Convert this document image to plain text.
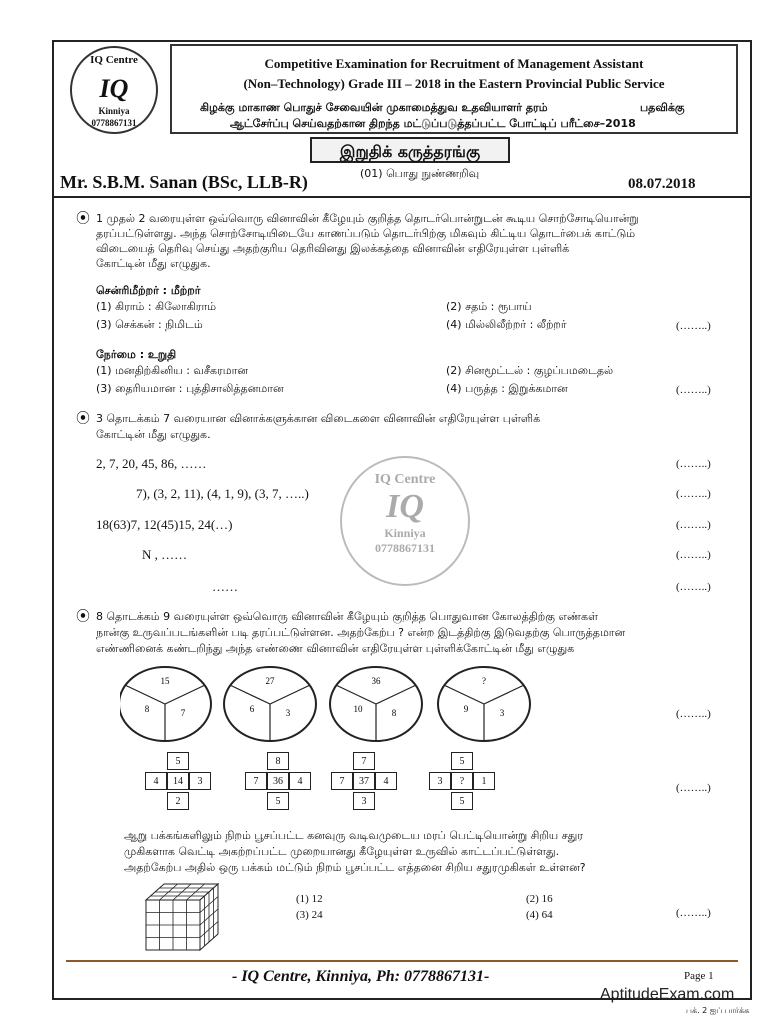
IQ Centre
IQ
Kinniya
0778867131
Competitive Examination for Recruitment of Management Assistant
(Non–Technology) Grade III – 2018 in the Eastern Provincial Public Service
கிழக்கு மாகாண பொதுச் சேவையின் முகாமைத்துவ உதவியாளர் தரம்	பதவிக்கு
ஆட்சேர்ப்பு செய்வதற்கான திறந்த மட்டுப்படுத்தப்பட்ட போட்டிப் பரீட்சை–2018
இறுதிக் கருத்தரங்கு
Mr. S.B.M. Sanan (BSc, LLB-R)	(01) பொது நுண்ணறிவு
08.07.2018
IQ Centre
IQ
Kinniya
0778867131
⦿ 1 முதல் 2 வரையுள்ள ஒவ்வொரு வினாவின் கீழேயும் குறித்த தொடர்பொன்றுடன் கூடிய சொற்சோடியொன்று
தரப்பட்டுள்ளது. அந்த சொற்சோடியிடையே காணப்படும் தொடர்பிற்கு மிகவும் கிட்டிய தொடர்பைக் காட்டும்
விடையைத் தெரிவு செய்து அதற்குரிய தெரிவினது இலக்கத்தை வினாவின் எதிரேயுள்ள புள்ளிக்
கோட்டின் மீது எழுதுக.
சென்ரிமீற்றர் : மீற்றர்
(1) கிராம் : கிலோகிராம்	(2) சதம் : ரூபாய்
(3) செக்கன் : நிமிடம்	(4) மில்லிலீற்றர் : லீற்றர்	(……..)
நேர்மை : உறுதி
(1) மனதிற்கினிய : வசீகரமான	(2) சினமூட்டல் : குழப்பமடைதல்
(3) தைரியமான : புத்திசாலித்தனமான	(4) பருத்த : இறுக்கமான	(……..)
⦿ 3 தொடக்கம் 7 வரையான வினாக்களுக்கான விடைகளை வினாவின் எதிரேயுள்ள புள்ளிக்
கோட்டின் மீது எழுதுக.
2, 7, 20, 45, 86, ……	(……..)
7), (3, 2, 11), (4, 1, 9), (3, 7, …..)	(……..)
18(63)7, 12(45)15, 24(…)	(……..)
N , ……	(……..)
……	(……..)
⦿ 8 தொடக்கம் 9 வரையுள்ள ஒவ்வொரு வினாவின் கீழேயும் குறித்த பொதுவான கோலத்திற்கு எண்கள்
நான்கு உருவப்படங்களின் படி தரப்பட்டுள்ளன. அதற்கேற்ப ? என்ற இடத்திற்கு இடுவதற்கு பொருத்தமான
எண்ணினைக் கண்டறிந்து அந்த எண்ணை வினாவின் எதிரேயுள்ள புள்ளிக்கோட்டின் மீது எழுதுக
15
8	7
27
6	3
36
10	8
?
9	3	(……..)
5
4	14	3
2
8
7	36	4
5
7
7	37	4
3
5
3	?	1
5
(……..)
ஆறு பக்கங்களிலும் நிறம் பூசப்பட்ட கனவுரு வடிவமுடைய மரப் பெட்டியொன்று சிறிய சதுர
முகிகளாக வெட்டி அகற்றப்பட்ட முறையானது கீழேயுள்ள உருவில் காட்டப்பட்டுள்ளது.
அதற்கேற்ப அதில் ஒரு பக்கம் மட்டும் நிறம் பூசப்பட்ட எத்தனை சிறிய சதுரமுகிகள் உள்ளன?
(1) 12	(2) 16
(3) 24	(4) 64	(……..)
- IQ Centre, Kinniya, Ph: 0778867131-	Page 1
AptitudeExam.com
பக். 2 ஐப் பார்க்க
